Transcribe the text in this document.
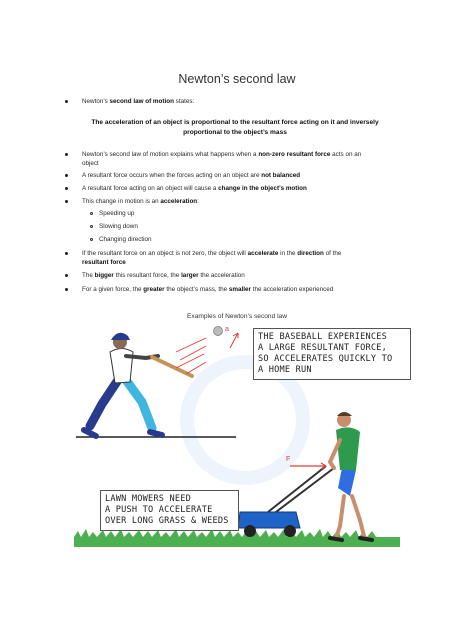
Newton’s second law
Newton’s second law of motion states:
The acceleration of an object is proportional to the resultant force acting on it and inversely
proportional to the object’s mass
Newton’s second law of motion explains what happens when a non-zero resultant force acts on an
object
A resultant force occurs when the forces acting on an object are not balanced
A resultant force acting on an object will cause a change in the object’s motion
This change in motion is an acceleration:
Speeding up
Slowing down
Changing direction
If the resultant force on an object is not zero, the object will accelerate in the direction of the
resultant force
The bigger this resultant force, the larger the acceleration
For a given force, the greater the object’s mass, the smaller the acceleration experienced
Examples of Newton’s second law
a
F
THE BASEBALL EXPERIENCES
A LARGE RESULTANT FORCE,
SO ACCELERATES QUICKLY TO
A HOME RUN
LAWN MOWERS NEED
A PUSH TO ACCELERATE
OVER LONG GRASS & WEEDS
